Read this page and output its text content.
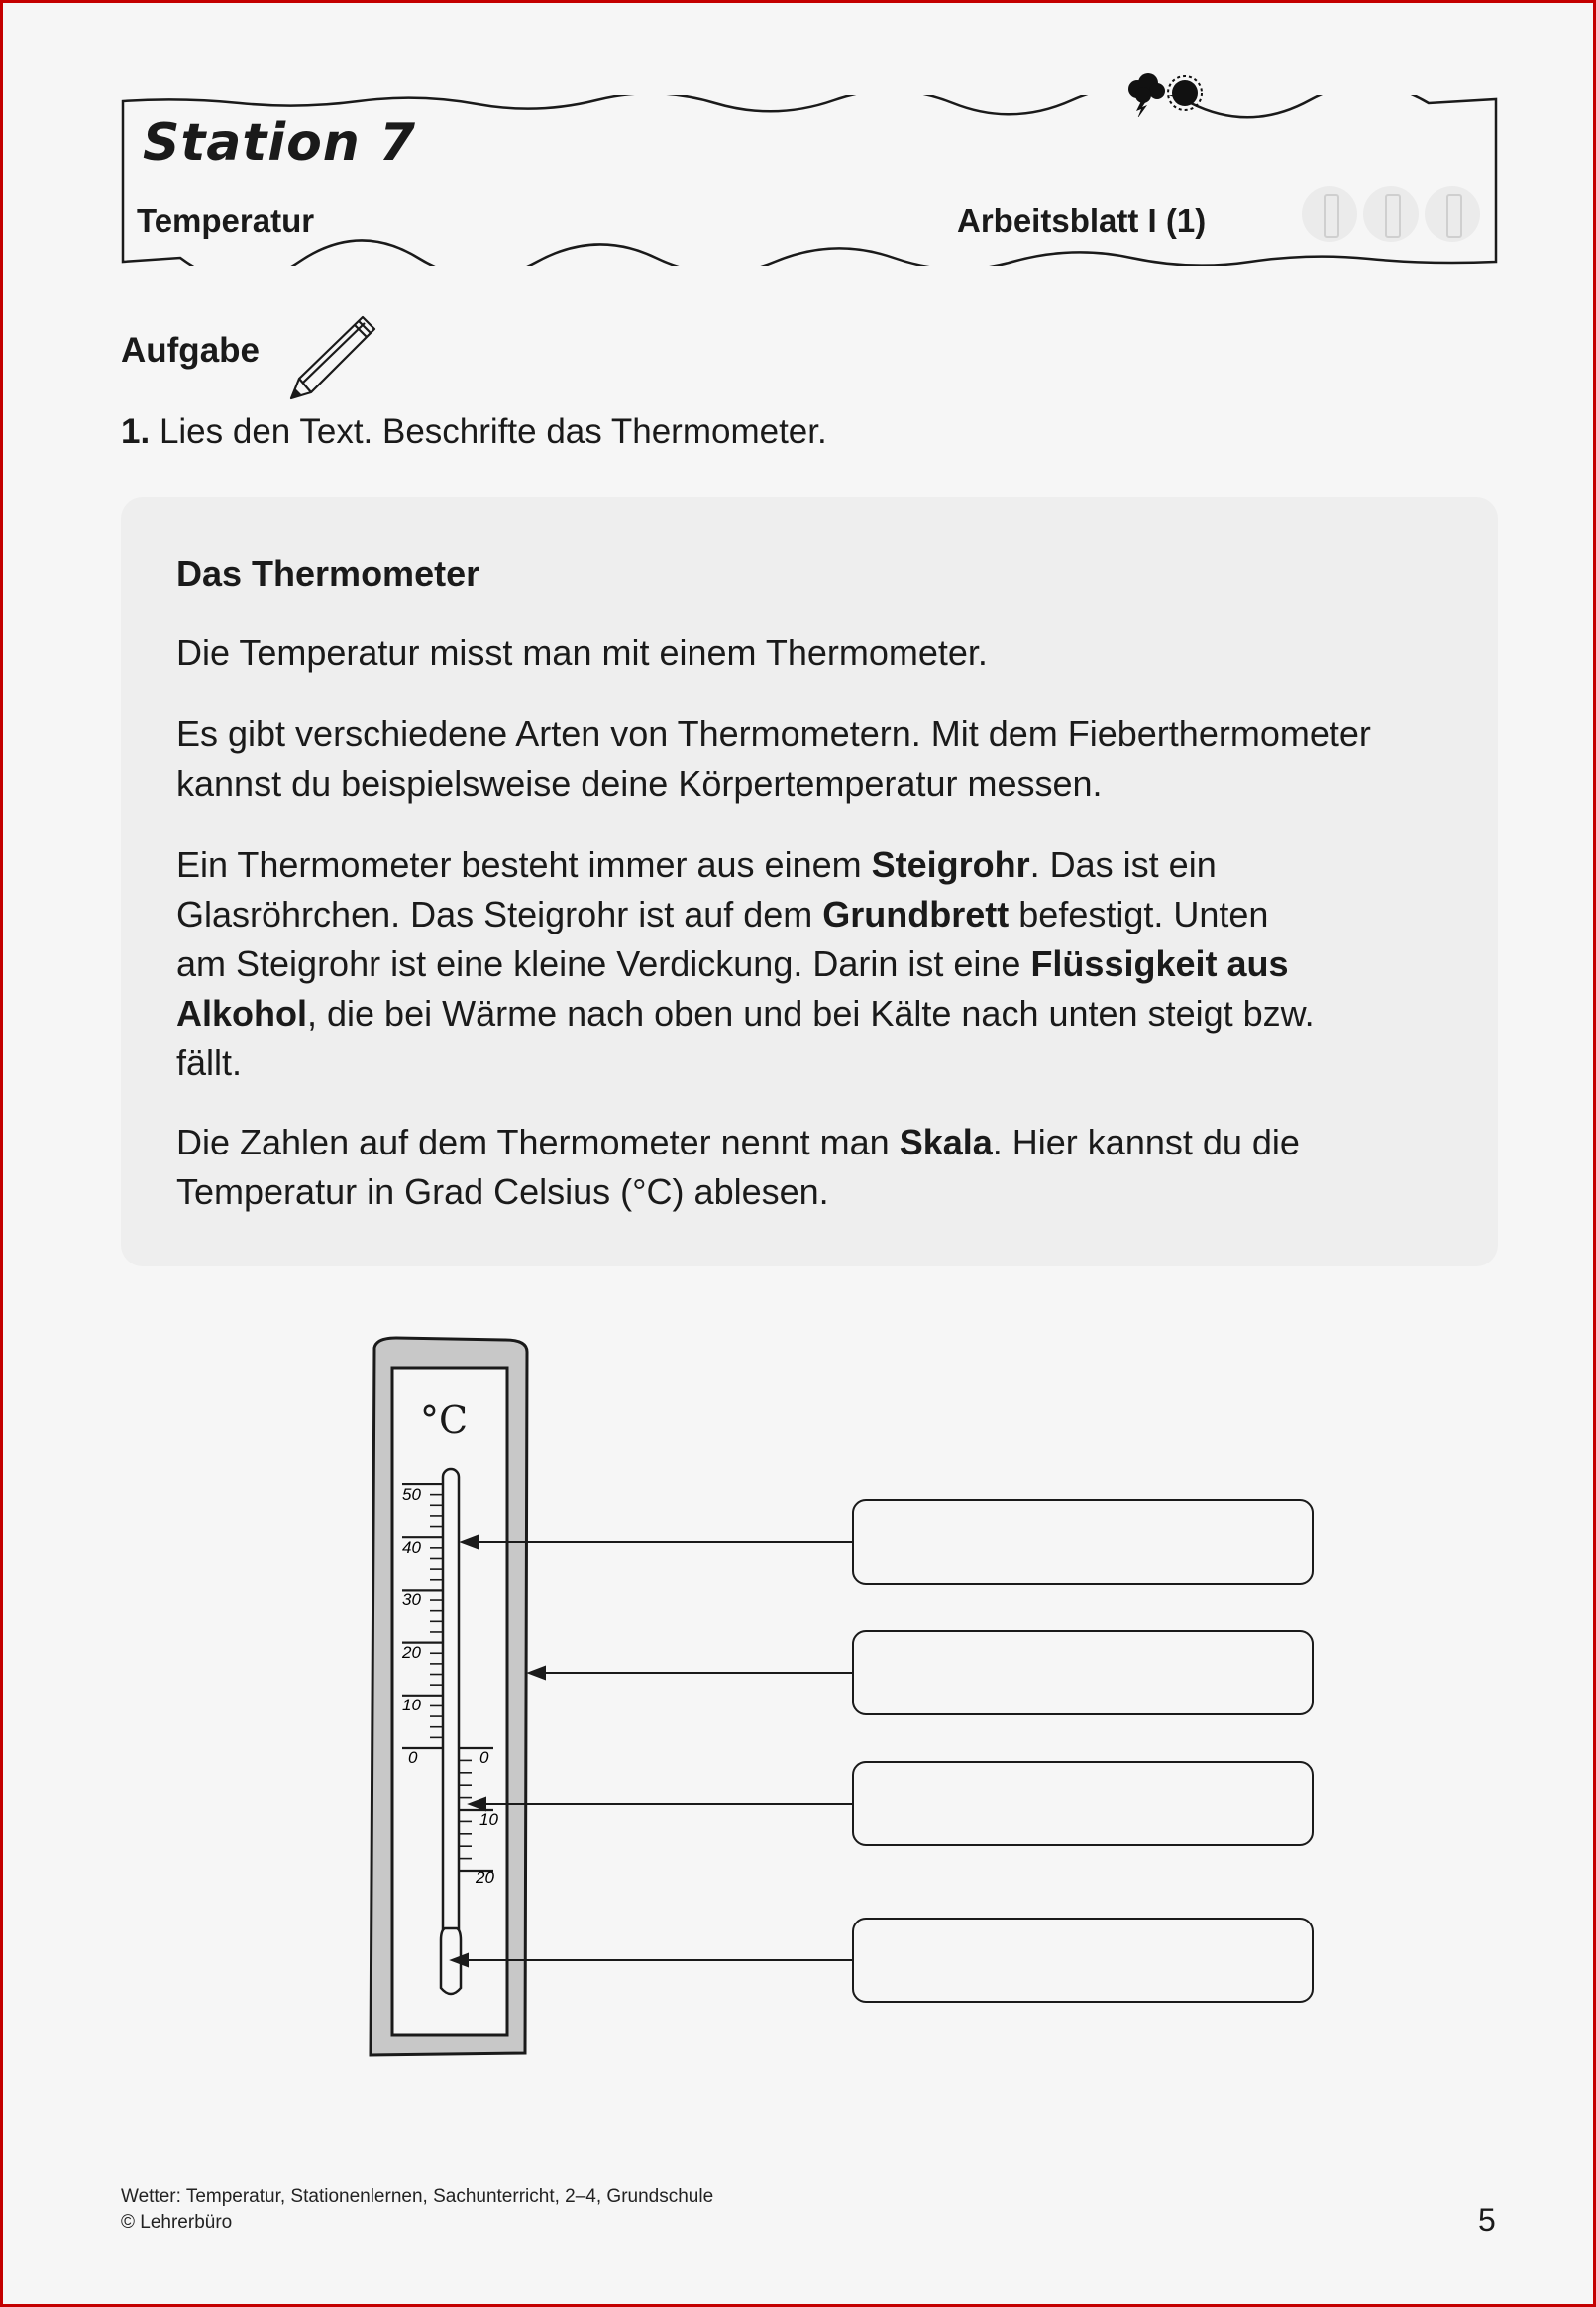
Station 7
Temperatur	Arbeitsblatt I (1)
Aufgabe
1. Lies den Text. Beschrifte das Thermometer.
Das Thermometer
Die Temperatur misst man mit einem Thermometer.
Es gibt verschiedene Arten von Thermometern. Mit dem Fieberthermometer
kannst du beispielsweise deine Körpertemperatur messen.
Ein Thermometer besteht immer aus einem Steigrohr. Das ist ein
Glasröhrchen. Das Steigrohr ist auf dem Grundbrett befestigt. Unten
am Steigrohr ist eine kleine Verdickung. Darin ist eine Flüssigkeit aus
Alkohol, die bei Wärme nach oben und bei Kälte nach unten steigt bzw.
fällt.
Die Zahlen auf dem Thermometer nennt man Skala. Hier kannst du die
Temperatur in Grad Celsius (°C) ablesen.
°C
50
40
30
20
10
0	0
10
20
Wetter: Temperatur, Stationenlernen, Sachunterricht, 2–4, Grundschule
© Lehrerbüro	5
